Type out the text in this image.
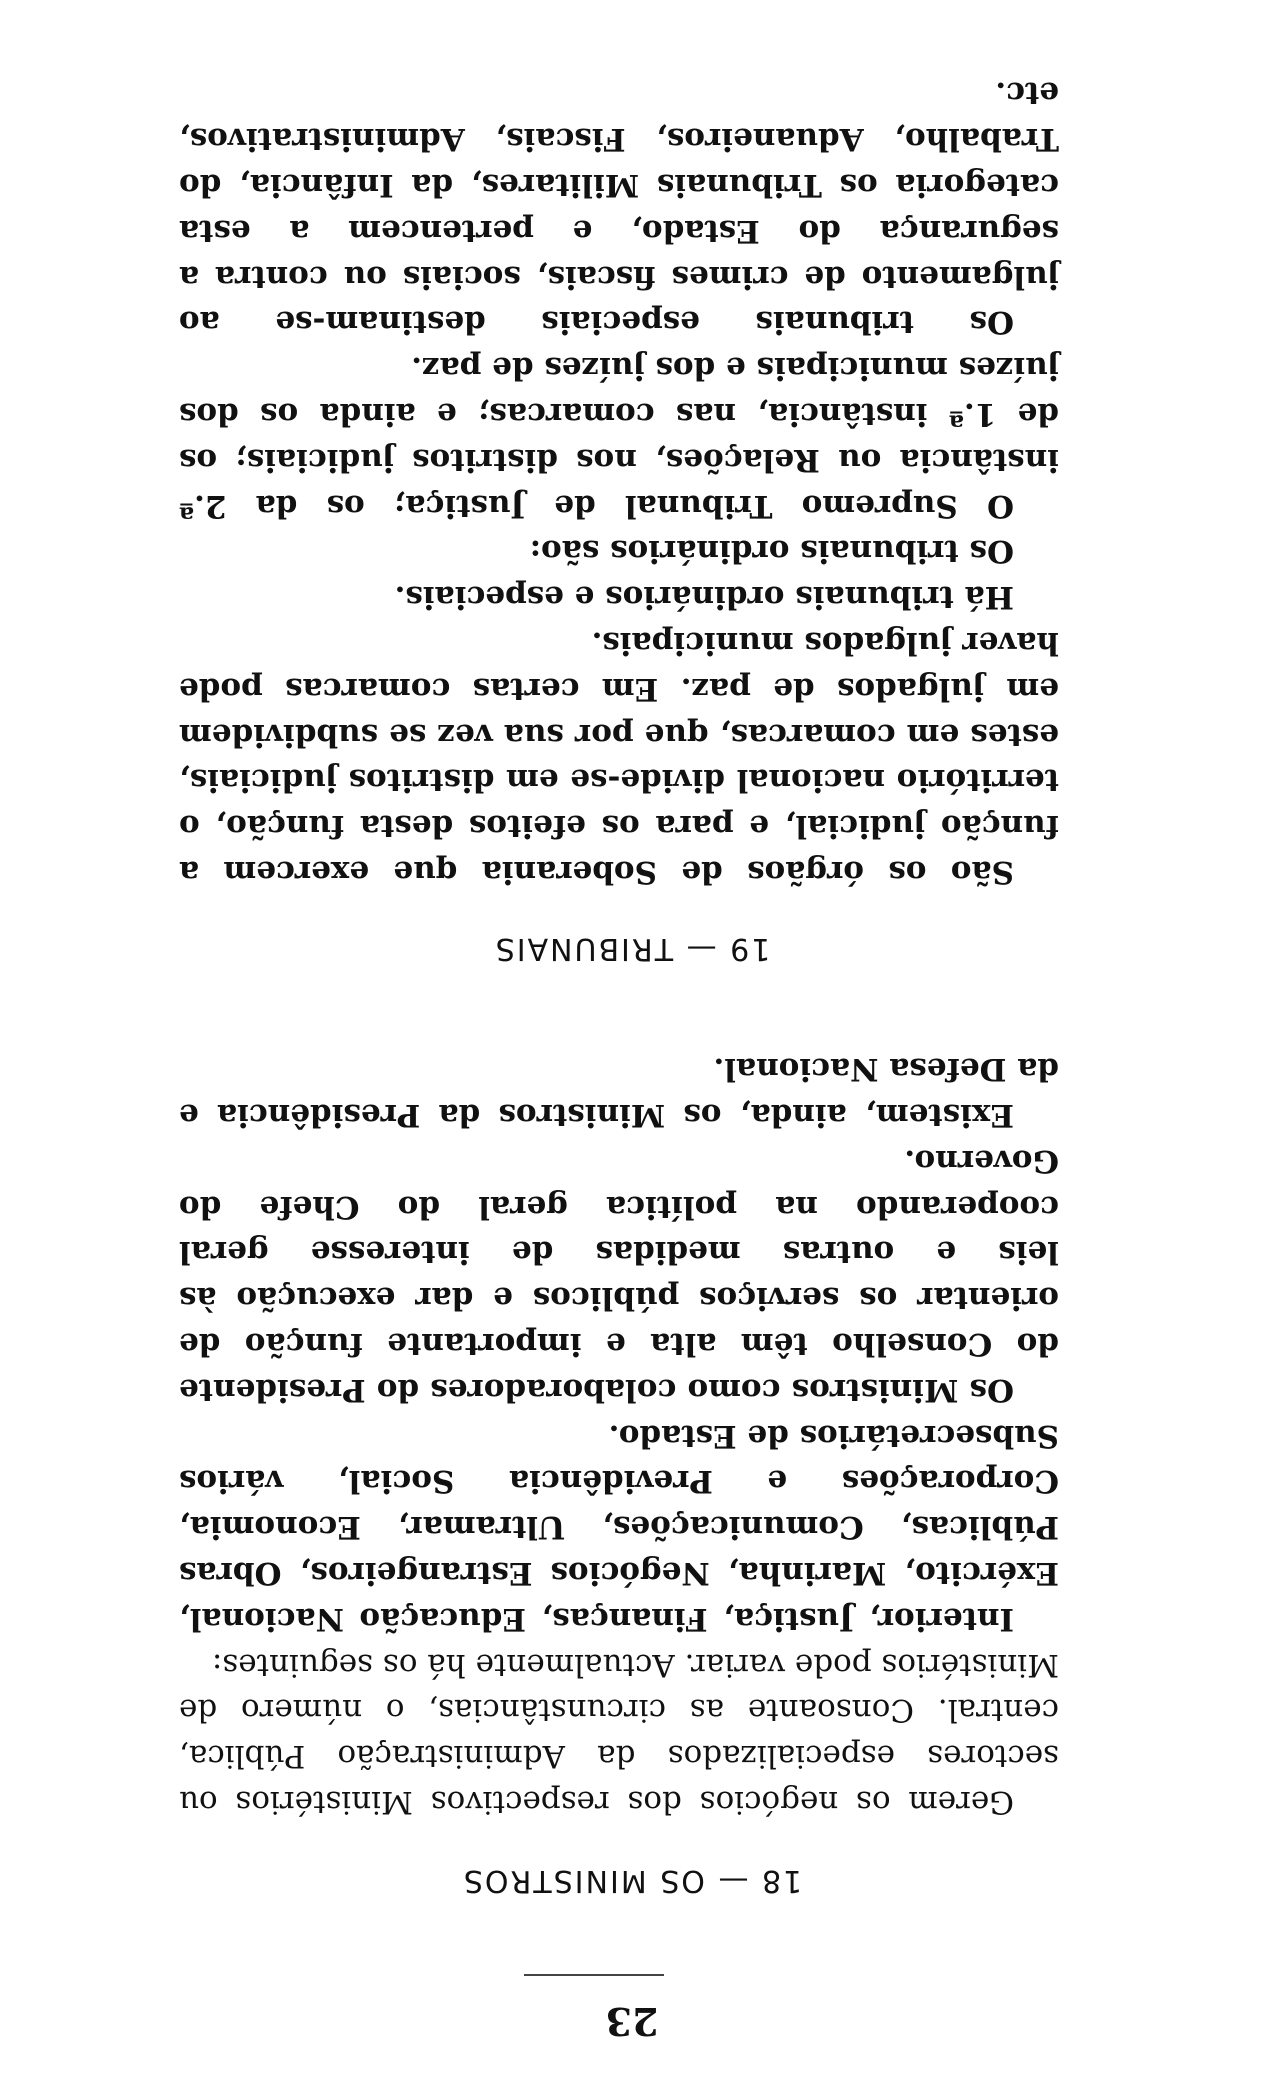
23
18 — OS MINISTROS

Gerem os negócios dos respectivos Ministérios ou sectores especializados da Administração Pública, central. Consoante as circunstâncias, o número de Ministérios pode variar. Actualmente há os seguintes:

Interior, Justiça, Finanças, Educação Nacional, Exército, Marinha, Negócios Estrangeiros, Obras Públicas, Comunicações, Ultramar, Economia, Corporações e Previdência Social, vários Subsecretários de Estado.

Os Ministros como colaboradores do Presidente do Conselho têm alta e importante função de orientar os serviços públicos e dar execução às leis e outras medidas de interesse geral cooperando na política geral do Chefe do Governo.

Existem, ainda, os Ministros da Presidência e da Defesa Nacional.

19 — TRIBUNAIS

São os órgãos de Soberania que exercem a função judicial, e para os efeitos desta função, o território nacional divide-se em distritos judiciais, estes em comarcas, que por sua vez se subdividem em julgados de paz. Em certas comarcas pode haver julgados municipais.

Há tribunais ordinários e especiais.

Os tribunais ordinários são:

O Supremo Tribunal de Justiça; os da 2.ª instância ou Relações, nos distritos judiciais; os de 1.ª instância, nas comarcas; e ainda os dos juízes municipais e dos juízes de paz.

Os tribunais especiais destinam-se ao julgamento de crimes fiscais, sociais ou contra a segurança do Estado, e pertencem a esta categoria os Tribunais Militares, da Infância, do Trabalho, Aduaneiros, Fiscais, Administrativos, etc.
